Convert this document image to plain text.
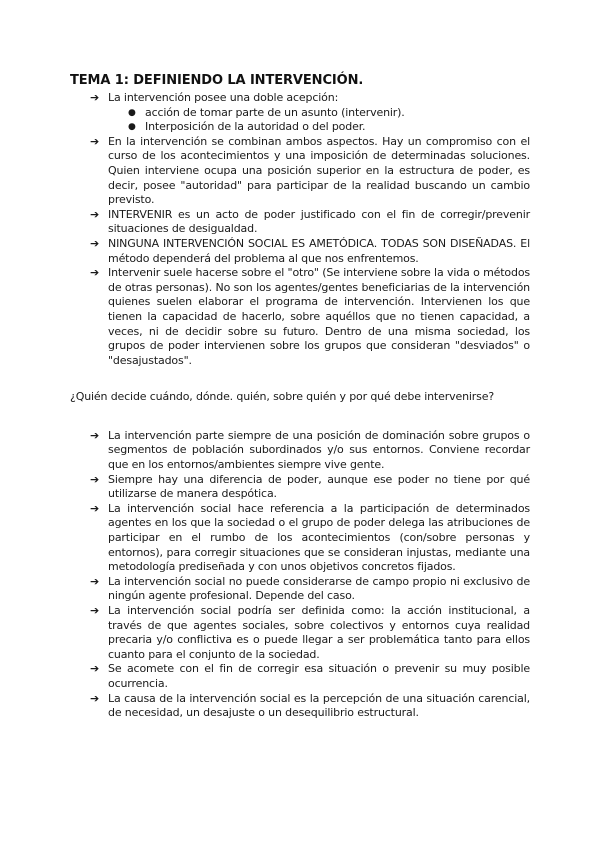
TEMA 1: DEFINIENDO LA INTERVENCIÓN.
➔ La intervención posee una doble acepción:
● acción de tomar parte de un asunto (intervenir).
● Interposición de la autoridad o del poder.
➔ En la intervención se combinan ambos aspectos. Hay un compromiso con el curso de los acontecimientos y una imposición de determinadas soluciones. Quien interviene ocupa una posición superior en la estructura de poder, es decir, posee "autoridad" para participar de la realidad buscando un cambio previsto.
➔ INTERVENIR es un acto de poder justificado con el fin de corregir/prevenir situaciones de desigualdad.
➔ NINGUNA INTERVENCIÓN SOCIAL ES AMETÓDICA. TODAS SON DISEÑADAS. El método dependerá del problema al que nos enfrentemos.
➔ Intervenir suele hacerse sobre el "otro" (Se interviene sobre la vida o métodos de otras personas). No son los agentes/gentes beneficiarias de la intervención quienes suelen elaborar el programa de intervención. Intervienen los que tienen la capacidad de hacerlo, sobre aquéllos que no tienen capacidad, a veces, ni de decidir sobre su futuro. Dentro de una misma sociedad, los grupos de poder intervienen sobre los grupos que consideran "desviados" o "desajustados".
¿Quién decide cuándo, dónde. quién, sobre quién y por qué debe intervenirse?
➔ La intervención parte siempre de una posición de dominación sobre grupos o segmentos de población subordinados y/o sus entornos. Conviene recordar que en los entornos/ambientes siempre vive gente.
➔ Siempre hay una diferencia de poder, aunque ese poder no tiene por qué utilizarse de manera despótica.
➔ La intervención social hace referencia a la participación de determinados agentes en los que la sociedad o el grupo de poder delega las atribuciones de participar en el rumbo de los acontecimientos (con/sobre personas y entornos), para corregir situaciones que se consideran injustas, mediante una metodología prediseñada y con unos objetivos concretos fijados.
➔ La intervención social no puede considerarse de campo propio ni exclusivo de ningún agente profesional. Depende del caso.
➔ La intervención social podría ser definida como: la acción institucional, a través de que agentes sociales, sobre colectivos y entornos cuya realidad precaria y/o conflictiva es o puede llegar a ser problemática tanto para ellos cuanto para el conjunto de la sociedad.
➔ Se acomete con el fin de corregir esa situación o prevenir su muy posible ocurrencia.
➔ La causa de la intervención social es la percepción de una situación carencial, de necesidad, un desajuste o un desequilibrio estructural.
